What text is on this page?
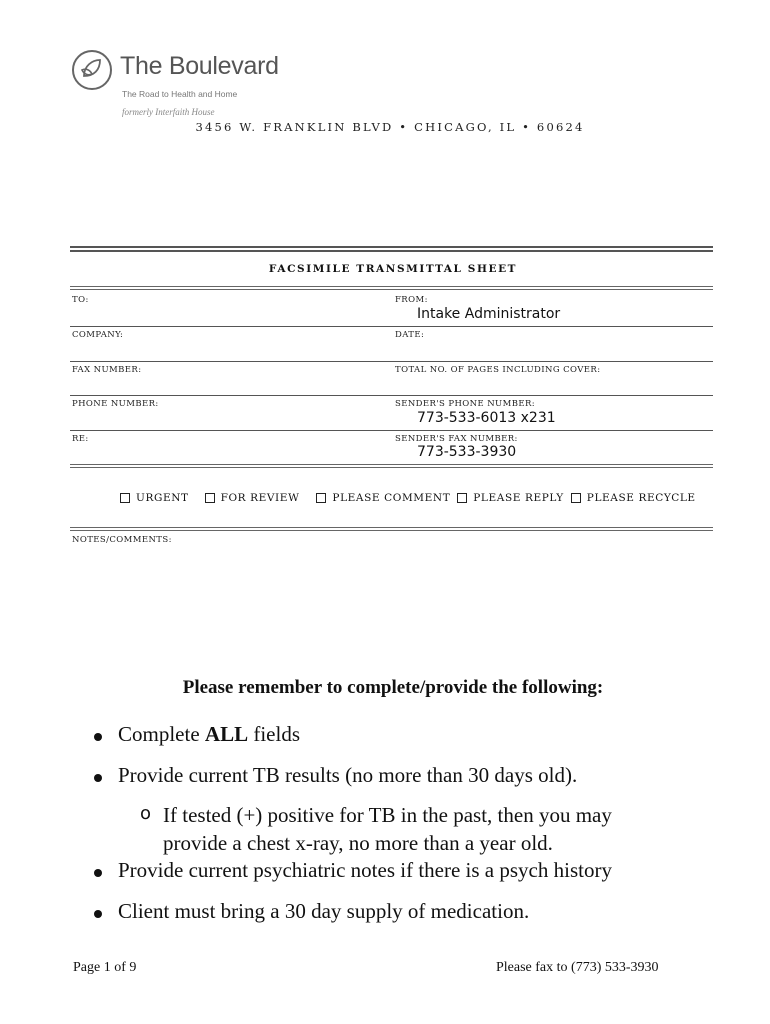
The Boulevard
The Road to Health and Home
formerly Interfaith House
3456 W. FRANKLIN BLVD • CHICAGO, IL • 60624
FACSIMILE TRANSMITTAL SHEET
TO:	FROM:
Intake Administrator
COMPANY:	DATE:
FAX NUMBER:	TOTAL NO. OF PAGES INCLUDING COVER:
PHONE NUMBER:	SENDER'S PHONE NUMBER:
773-533-6013 x231
RE:	SENDER'S FAX NUMBER:
773-533-3930
URGENT
	FOR REVIEW
	PLEASE COMMENT
PLEASE REPLY
PLEASE RECYCLE
NOTES/COMMENTS:
Please remember to complete/provide the following:
Complete ALL fields
Provide current TB results (no more than 30 days old).
o If tested (+) positive for TB in the past, then you may
provide a chest x-ray, no more than a year old.
Provide current psychiatric notes if there is a psych history
Client must bring a 30 day supply of medication.
Page 1 of 9	Please fax to (773) 533-3930
